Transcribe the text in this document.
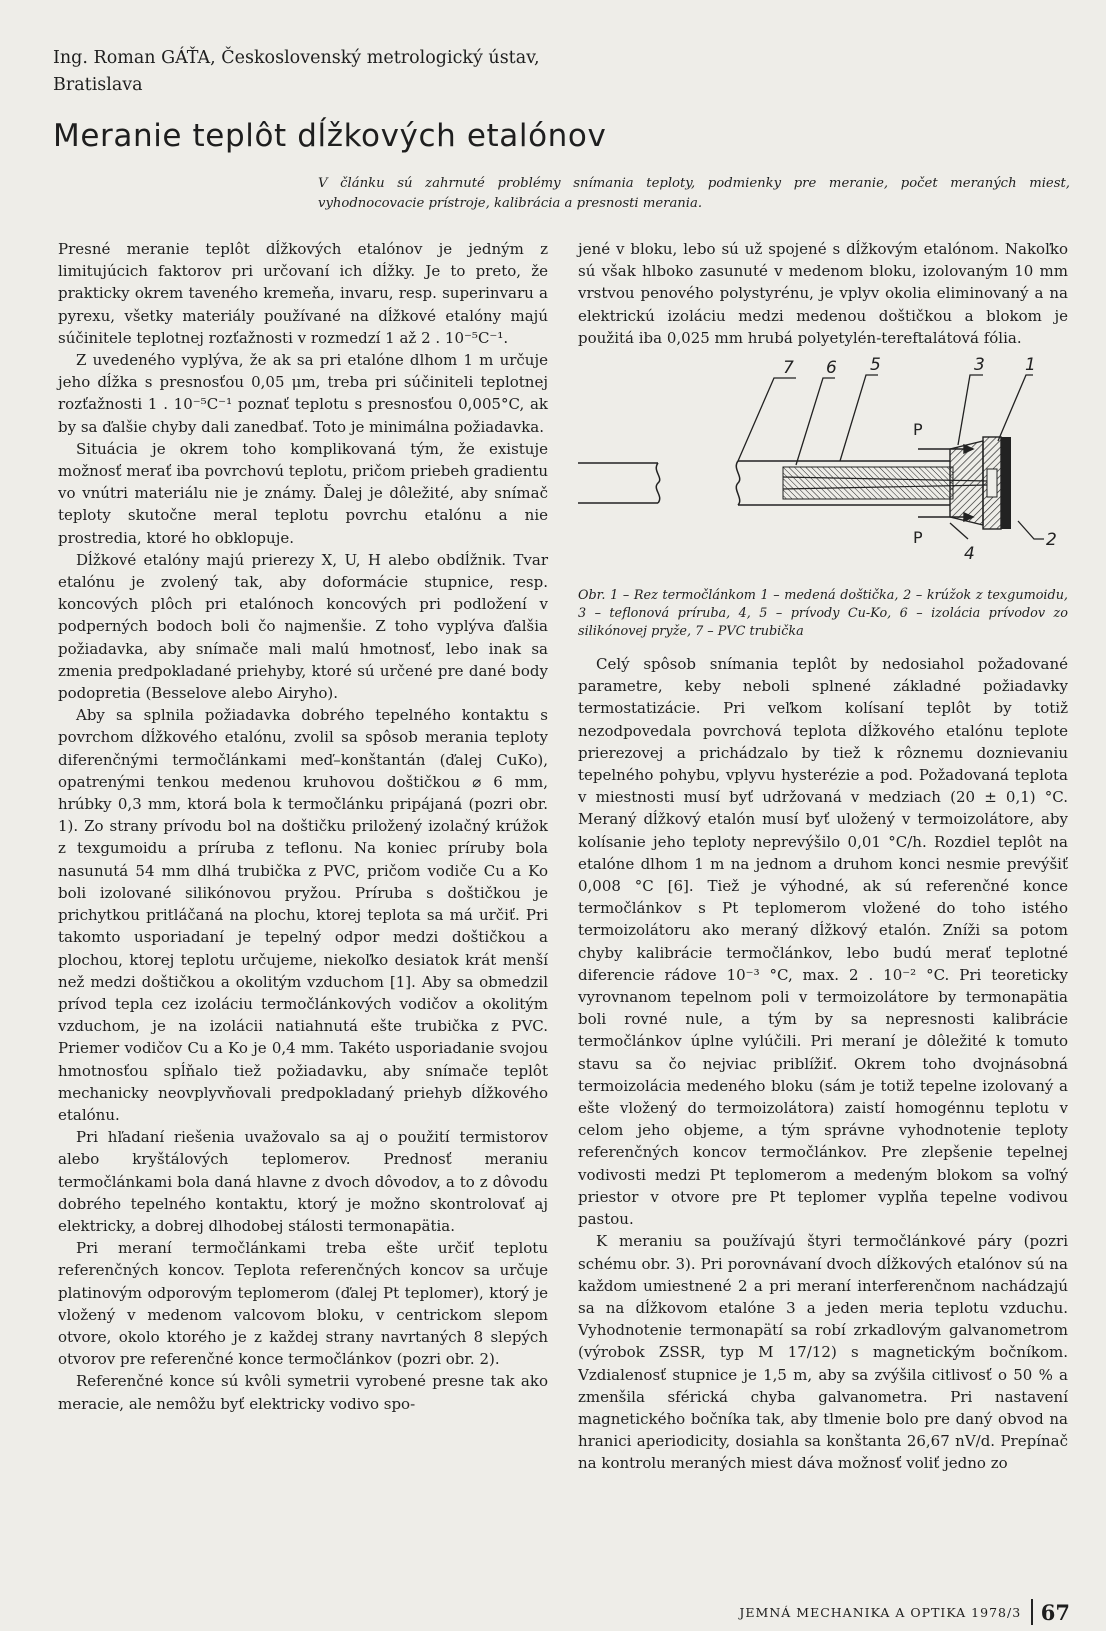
Ing. Roman GÁŤA, Československý metrologický ústav,
Bratislava

Meranie teplôt dĺžkových etalónov

V článku sú zahrnuté problémy snímania teploty, podmienky pre meranie, počet meraných miest, vyhodnocovacie prístroje, kalibrácia a presnosti merania.

Presné meranie teplôt dĺžkových etalónov je jedným z limitujúcich faktorov pri určovaní ich dĺžky. Je to preto, že prakticky okrem taveného kremeňa, invaru, resp. superinvaru a pyrexu, všetky materiály používané na dĺžkové etalóny majú súčinitele teplotnej rozťažnosti v rozmedzí 1 až 2 . 10⁻⁵C⁻¹.

Z uvedeného vyplýva, že ak sa pri etalóne dlhom 1 m určuje jeho dĺžka s presnosťou 0,05 μm, treba pri súčiniteli teplotnej rozťažnosti 1 . 10⁻⁵C⁻¹ poznať teplotu s presnosťou 0,005°C, ak by sa ďalšie chyby dali zanedbať. Toto je minimálna požiadavka.

Situácia je okrem toho komplikovaná tým, že existuje možnosť merať iba povrchovú teplotu, pričom priebeh gradientu vo vnútri materiálu nie je známy. Ďalej je dôležité, aby snímač teploty skutočne meral teplotu povrchu etalónu a nie prostredia, ktoré ho obklopuje.

Dĺžkové etalóny majú prierezy X, U, H alebo obdĺžnik. Tvar etalónu je zvolený tak, aby doformácie stupnice, resp. koncových plôch pri etalónoch koncových pri podložení v podperných bodoch boli čo najmenšie. Z toho vyplýva ďalšia požiadavka, aby snímače mali malú hmotnosť, lebo inak sa zmenia predpokladané priehyby, ktoré sú určené pre dané body podopretia (Besselove alebo Airyho).

Aby sa splnila požiadavka dobrého tepelného kontaktu s povrchom dĺžkového etalónu, zvolil sa spôsob merania teploty diferenčnými termočlánkami meď–konštantán (ďalej CuKo), opatrenými tenkou medenou kruhovou doštičkou ⌀ 6 mm, hrúbky 0,3 mm, ktorá bola k termočlánku pripájaná (pozri obr. 1). Zo strany prívodu bol na doštičku priložený izolačný krúžok z texgumoidu a príruba z teflonu. Na koniec príruby bola nasunutá 54 mm dlhá trubička z PVC, pričom vodiče Cu a Ko boli izolované silikónovou pryžou. Príruba s doštičkou je prichytkou pritláčaná na plochu, ktorej teplota sa má určiť. Pri takomto usporiadaní je tepelný odpor medzi doštičkou a plochou, ktorej teplotu určujeme, niekoľko desiatok krát menší než medzi doštičkou a okolitým vzduchom [1]. Aby sa obmedzil prívod tepla cez izoláciu termočlánkových vodičov a okolitým vzduchom, je na izolácii natiahnutá ešte trubička z PVC. Priemer vodičov Cu a Ko je 0,4 mm. Takéto usporiadanie svojou hmotnosťou spĺňalo tiež požiadavku, aby snímače teplôt mechanicky neovplyvňovali predpokladaný priehyb dĺžkového etalónu.

Pri hľadaní riešenia uvažovalo sa aj o použití termistorov alebo kryštálových teplomerov. Prednosť meraniu termočlánkami bola daná hlavne z dvoch dôvodov, a to z dôvodu dobrého tepelného kontaktu, ktorý je možno skontrolovať aj elektricky, a dobrej dlhodobej stálosti termonapätia.

Pri meraní termočlánkami treba ešte určiť teplotu referenčných koncov. Teplota referenčných koncov sa určuje platinovým odporovým teplomerom (ďalej Pt teplomer), ktorý je vložený v medenom valcovom bloku, v centrickom slepom otvore, okolo ktorého je z každej strany navrtaných 8 slepých otvorov pre referenčné konce termočlánkov (pozri obr. 2).

Referenčné konce sú kvôli symetrii vyrobené presne tak ako meracie, ale nemôžu byť elektricky vodivo spo-

jené v bloku, lebo sú už spojené s dĺžkovým etalónom. Nakoľko sú však hlboko zasunuté v medenom bloku, izolovaným 10 mm vrstvou penového polystyrénu, je vplyv okolia eliminovaný a na elektrickú izoláciu medzi medenou doštičkou a blokom je použitá iba 0,025 mm hrubá polyetylén-tereftalátová fólia.

7 6 5	3 1
P
P
4
2

Obr. 1 – Rez termočlánkom 1 – medená doštička, 2 – krúžok z texgumoidu, 3 – teflonová príruba, 4, 5 – prívody Cu-Ko, 6 – izolácia prívodov zo silikónovej pryže, 7 – PVC trubička

Celý spôsob snímania teplôt by nedosiahol požadované parametre, keby neboli splnené základné požiadavky termostatizácie. Pri veľkom kolísaní teplôt by totiž nezodpovedala povrchová teplota dĺžkového etalónu teplote prierezovej a prichádzalo by tiež k rôznemu doznievaniu tepelného pohybu, vplyvu hysterézie a pod. Požadovaná teplota v miestnosti musí byť udržovaná v medziach (20 ± 0,1) °C. Meraný dĺžkový etalón musí byť uložený v termoizolátore, aby kolísanie jeho teploty neprevýšilo 0,01 °C/h. Rozdiel teplôt na etalóne dlhom 1 m na jednom a druhom konci nesmie prevýšiť 0,008 °C [6]. Tiež je výhodné, ak sú referenčné konce termočlánkov s Pt teplomerom vložené do toho istého termoizolátoru ako meraný dĺžkový etalón. Zníži sa potom chyby kalibrácie termočlánkov, lebo budú merať teplotné diferencie rádove 10⁻³ °C, max. 2 . 10⁻² °C. Pri teoreticky vyrovnanom tepelnom poli v termoizolátore by termonapätia boli rovné nule, a tým by sa nepresnosti kalibrácie termočlánkov úplne vylúčili. Pri meraní je dôležité k tomuto stavu sa čo nejviac priblížiť. Okrem toho dvojnásobná termoizolácia medeného bloku (sám je totiž tepelne izolovaný a ešte vložený do termoizolátora) zaistí homogénnu teplotu v celom jeho objeme, a tým správne vyhodnotenie teploty referenčných koncov termočlánkov. Pre zlepšenie tepelnej vodivosti medzi Pt teplomerom a medeným blokom sa voľný priestor v otvore pre Pt teplomer vyplňa tepelne vodivou pastou.

K meraniu sa používajú štyri termočlánkové páry (pozri schému obr. 3). Pri porovnávaní dvoch dĺžkových etalónov sú na každom umiestnené 2 a pri meraní interferenčnom nachádzajú sa na dĺžkovom etalóne 3 a jeden meria teplotu vzduchu. Vyhodnotenie termonapätí sa robí zrkadlovým galvanometrom (výrobok ZSSR, typ M 17/12) s magnetickým bočníkom. Vzdialenosť stupnice je 1,5 m, aby sa zvýšila citlivosť o 50 % a zmenšila sférická chyba galvanometra. Pri nastavení magnetického bočníka tak, aby tlmenie bolo pre daný obvod na hranici aperiodicity, dosiahla sa konštanta 26,67 nV/d. Prepínač na kontrolu meraných miest dáva možnosť voliť jedno zo

JEMNÁ MECHANIKA A OPTIKA 1978/3 67
